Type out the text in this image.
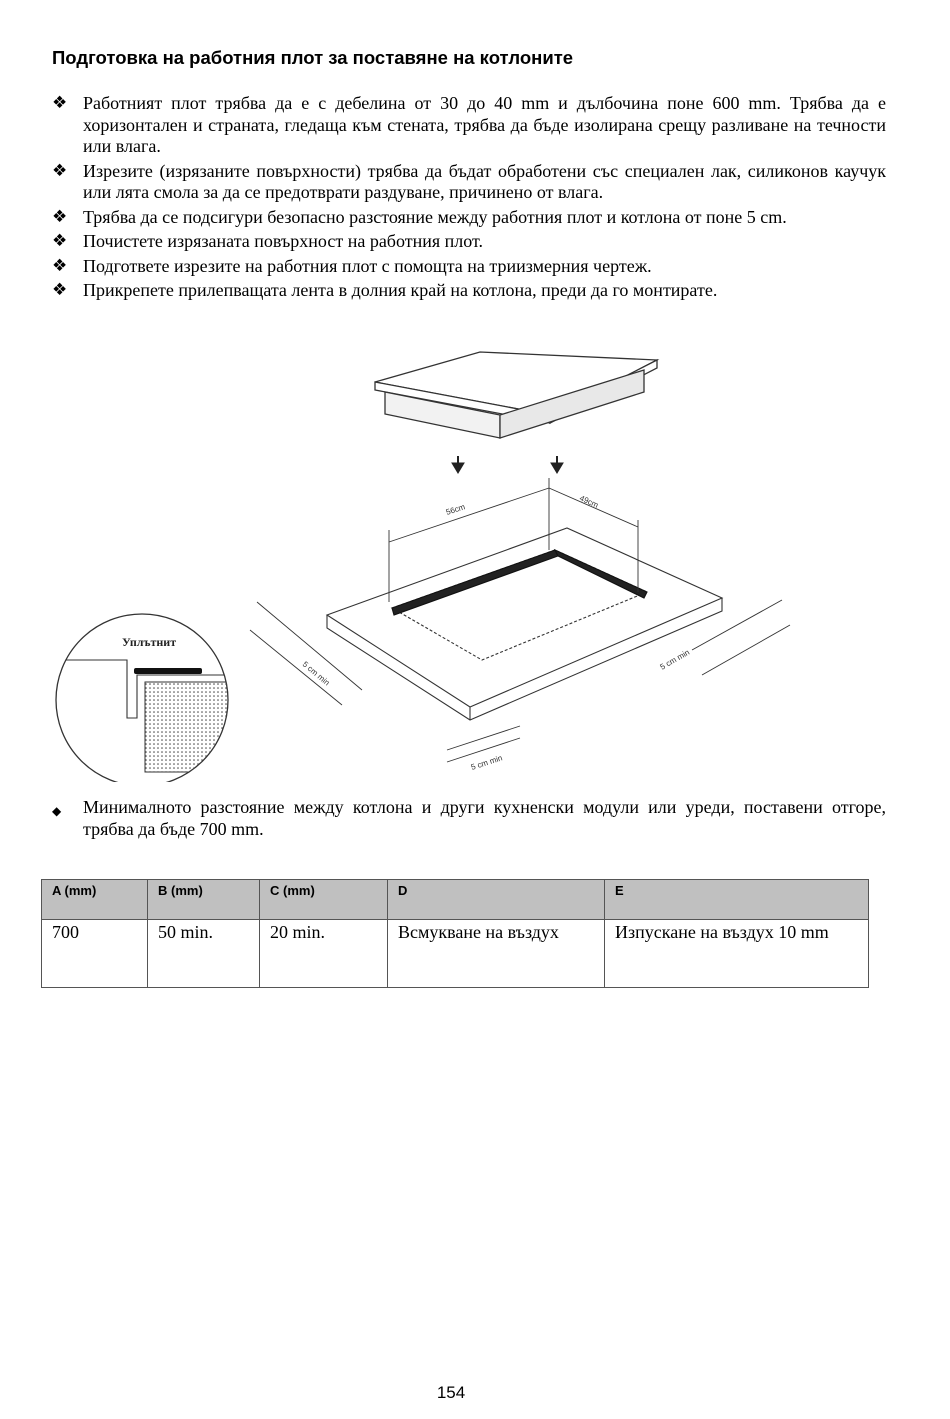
Подготовка на работния плот за поставяне на котлоните
❖ Работният плот трябва да е с дебелина от 30 до 40 mm и дълбочина поне 600 mm. Трябва да е хоризонтален и страната, гледаща към стената, трябва да бъде изолирана срещу разливане на течности или влага.
❖ Изрезите (изрязаните повърхности) трябва да бъдат обработени със специален лак, силиконов каучук или лята смола за да се предотврати раздуване, причинено от влага.
❖ Трябва да се подсигури безопасно разстояние между работния плот и котлона от поне 5 cm.
❖ Почистете изрязаната повърхност на работния плот.
❖ Подгответе изрезите на работния плот с помощта на триизмерния чертеж.
❖ Прикрепете прилепващата лента в долния край на котлона, преди да го монтирате.
56cm	49cm
5 cm min	5 cm min
5 cm min
Уплътнит
◆ Минималното разстояние между котлона и други кухненски модули или уреди, поставени отгоре, трябва да бъде 700 mm.
A (mm)	B (mm)	C (mm)	D	E
700	50 min.	20 min.	Всмукване на въздух	Изпускане на въздух 10 mm
154
